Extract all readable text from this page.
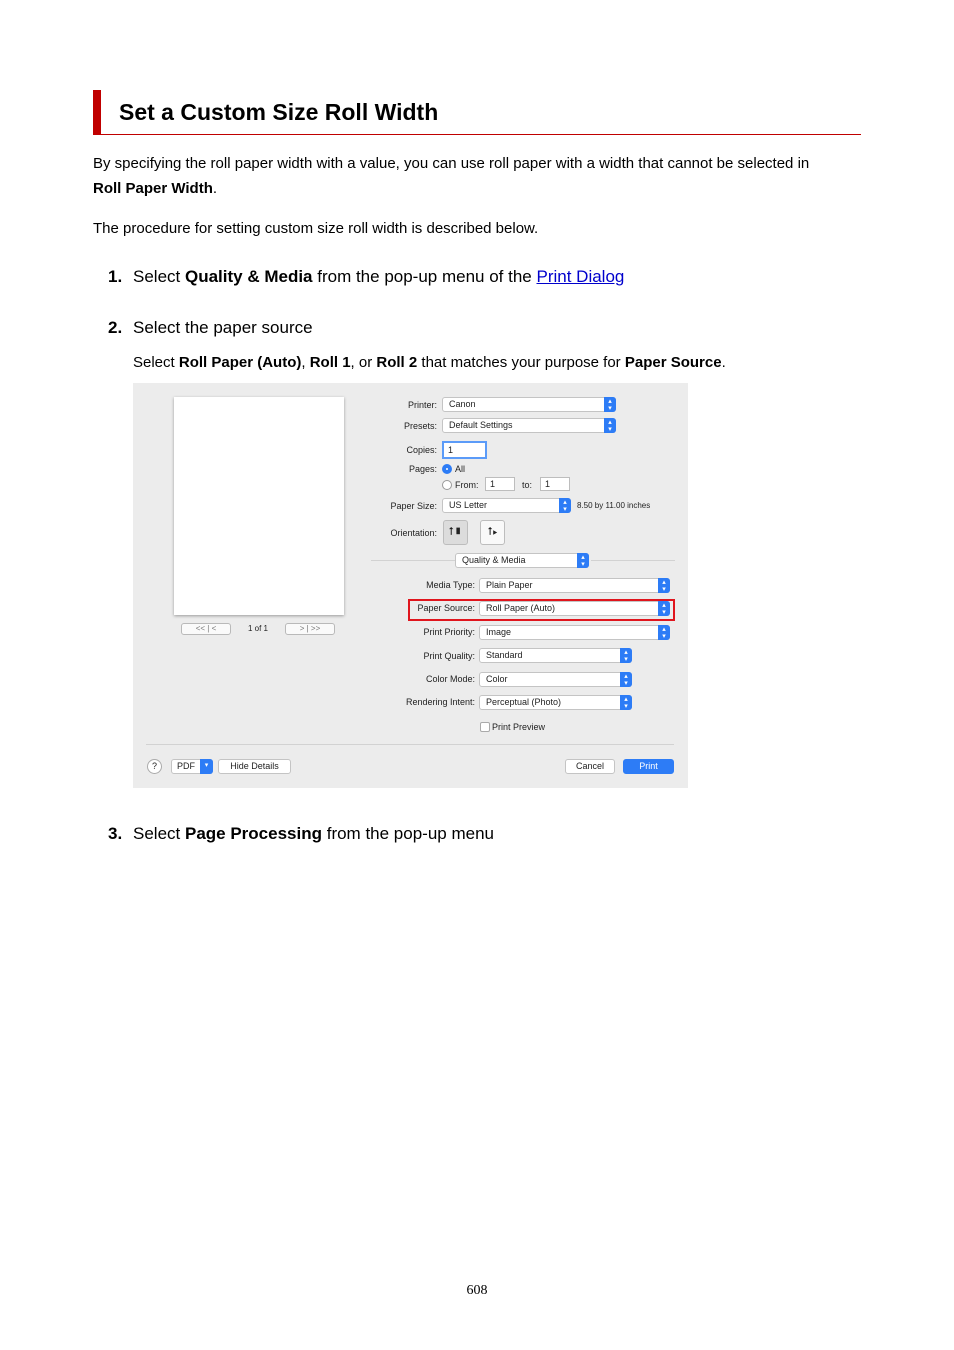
Set a Custom Size Roll Width
By specifying the roll paper width with a value, you can use roll paper with a width that cannot be selected in
Roll Paper Width.
The procedure for setting custom size roll width is described below.
1. Select Quality & Media from the pop-up menu of the Print Dialog
2. Select the paper source
Select Roll Paper (Auto), Roll 1, or Roll 2 that matches your purpose for Paper Source.
<< | <	1 of 1	> | >>
Printer:	Canon	▴
▾
Presets:	Default Settings	▴
▾
Copies:	1
Pages: All
From:	1	to:	1
Paper Size:	US Letter	▴
▾	8.50 by 11.00 inches
Orientation:	⭡▮	⭡▸
Quality & Media	▴
▾
Media Type:	Plain Paper	▴
▾
Paper Source:	Roll Paper (Auto)	▴
▾
Print Priority:	Image	▴
▾
Print Quality:	Standard	▴
▾
Color Mode:	Color	▴
▾
Rendering Intent:	Perceptual (Photo)	▴
▾
Print Preview
?	PDF	▾	Hide Details	Cancel	Print
3. Select Page Processing from the pop-up menu
608
